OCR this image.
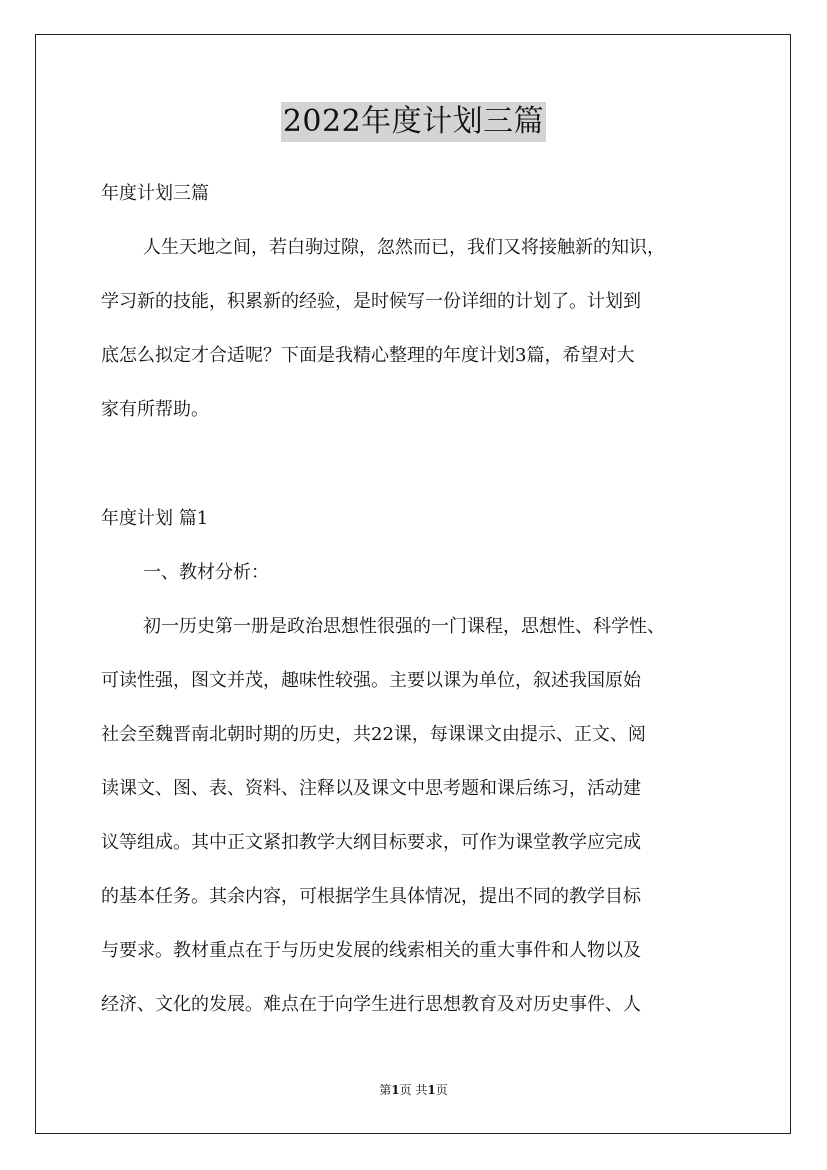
2022年度计划三篇
年度计划三篇
人生天地之间，若白驹过隙，忽然而已，我们又将接触新的知识，
学习新的技能，积累新的经验，是时候写一份详细的计划了。计划到
底怎么拟定才合适呢？下面是我精心整理的年度计划3篇，希望对大
家有所帮助。
年度计划 篇1
一、教材分析：
初一历史第一册是政治思想性很强的一门课程，思想性、科学性、
可读性强，图文并茂，趣味性较强。主要以课为单位，叙述我国原始
社会至魏晋南北朝时期的历史，共22课，每课课文由提示、正文、阅
读课文、图、表、资料、注释以及课文中思考题和课后练习，活动建
议等组成。其中正文紧扣教学大纲目标要求，可作为课堂教学应完成
的基本任务。其余内容，可根据学生具体情况，提出不同的教学目标
与要求。教材重点在于与历史发展的线索相关的重大事件和人物以及
经济、文化的发展。难点在于向学生进行思想教育及对历史事件、人
第1页 共1页
